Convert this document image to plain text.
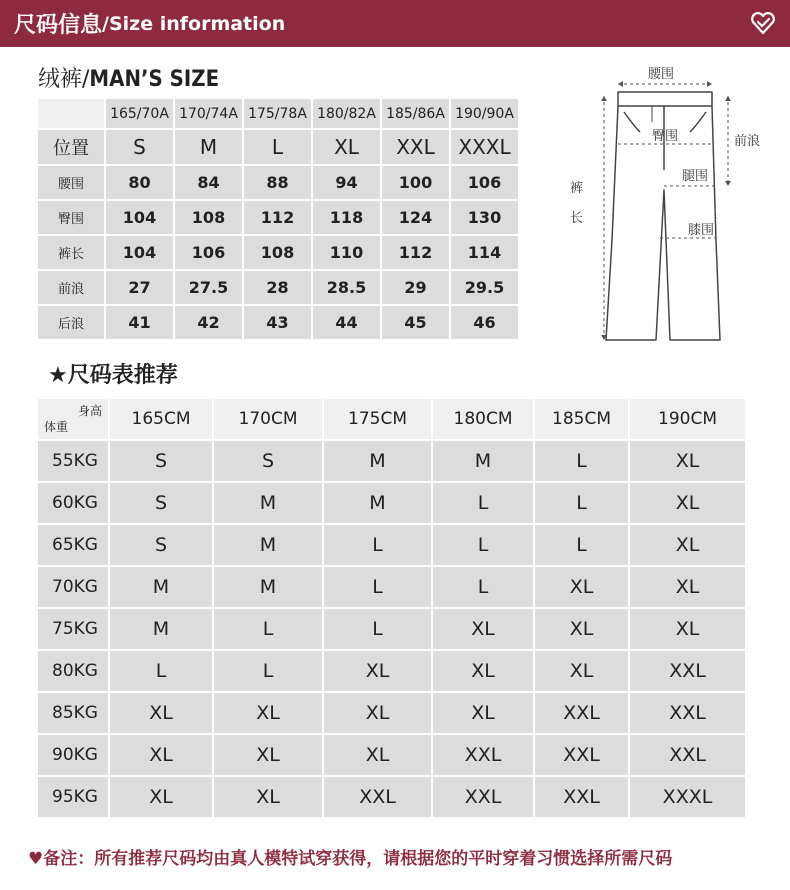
尺码信息 /Size information
绒裤/MAN’S SIZE
	165/70A	170/74A	175/78A	180/82A	185/86A	190/90A
位置	S	M	L	XL	XXL	XXXL
腰围	80	84	88	94	100	106
臀围	104	108	112	118	124	130
裤长	104	106	108	110	112	114
前浪	27	27.5	28	28.5	29	29.5
后浪	41	42	43	44	45	46
腰围
臀围	前浪
腿围
膝围
裤
长
★尺码表推荐
身高
体重	165CM	170CM	175CM	180CM	185CM	190CM
55KG	S	S	M	M	L	XL
60KG	S	M	M	L	L	XL
65KG	S	M	L	L	L	XL
70KG	M	M	L	L	XL	XL
75KG	M	L	L	XL	XL	XL
80KG	L	L	XL	XL	XL	XXL
85KG	XL	XL	XL	XL	XXL	XXL
90KG	XL	XL	XL	XXL	XXL	XXL
95KG	XL	XL	XXL	XXL	XXL	XXXL
♥备注：所有推荐尺码均由真人模特试穿获得，请根据您的平时穿着习惯选择所需尺码
